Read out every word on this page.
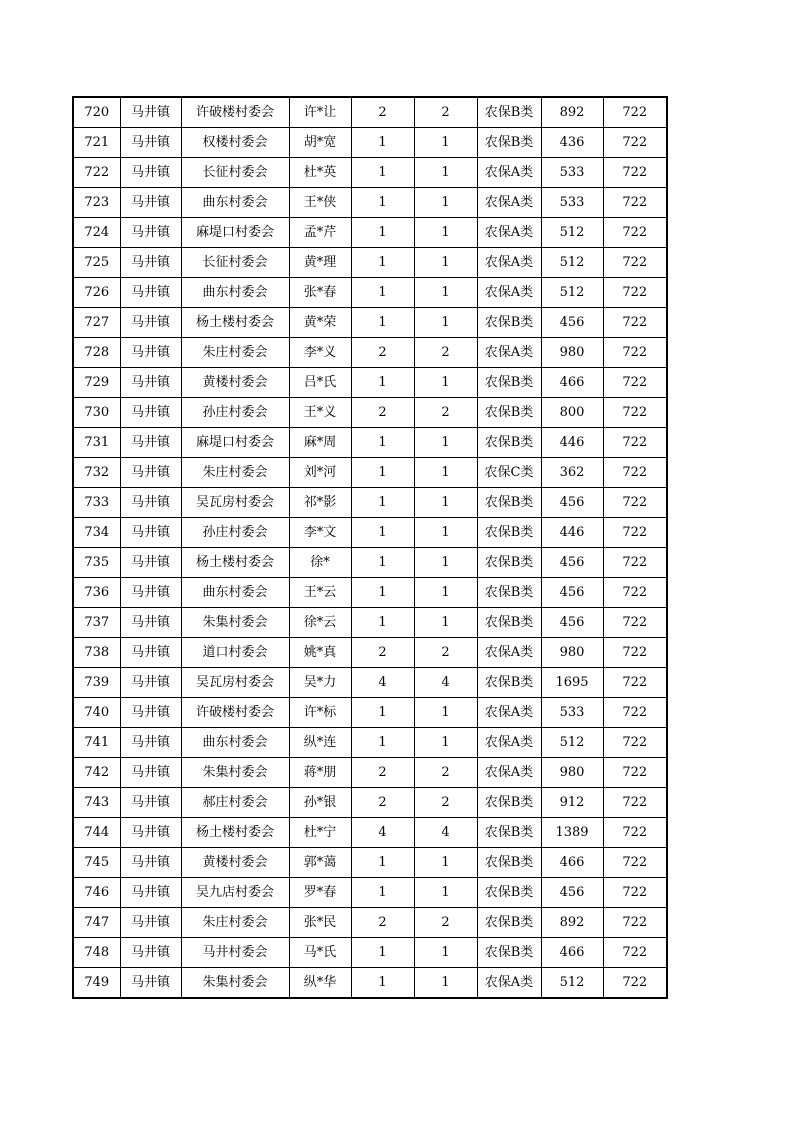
720	马井镇	许破楼村委会	许*让	2	2	农保B类	892	722
721	马井镇	权楼村委会	胡*宽	1	1	农保B类	436	722
722	马井镇	长征村委会	杜*英	1	1	农保A类	533	722
723	马井镇	曲东村委会	王*侠	1	1	农保A类	533	722
724	马井镇	麻堤口村委会	孟*芹	1	1	农保A类	512	722
725	马井镇	长征村委会	黄*理	1	1	农保A类	512	722
726	马井镇	曲东村委会	张*春	1	1	农保A类	512	722
727	马井镇	杨土楼村委会	黄*荣	1	1	农保B类	456	722
728	马井镇	朱庄村委会	李*义	2	2	农保A类	980	722
729	马井镇	黄楼村委会	吕*氏	1	1	农保B类	466	722
730	马井镇	孙庄村委会	王*义	2	2	农保B类	800	722
731	马井镇	麻堤口村委会	麻*周	1	1	农保B类	446	722
732	马井镇	朱庄村委会	刘*河	1	1	农保C类	362	722
733	马井镇	吴瓦房村委会	祁*影	1	1	农保B类	456	722
734	马井镇	孙庄村委会	李*文	1	1	农保B类	446	722
735	马井镇	杨土楼村委会	徐*	1	1	农保B类	456	722
736	马井镇	曲东村委会	王*云	1	1	农保B类	456	722
737	马井镇	朱集村委会	徐*云	1	1	农保B类	456	722
738	马井镇	道口村委会	姚*真	2	2	农保A类	980	722
739	马井镇	吴瓦房村委会	吴*力	4	4	农保B类	1695	722
740	马井镇	许破楼村委会	许*标	1	1	农保A类	533	722
741	马井镇	曲东村委会	纵*连	1	1	农保A类	512	722
742	马井镇	朱集村委会	蒋*朋	2	2	农保A类	980	722
743	马井镇	郝庄村委会	孙*银	2	2	农保B类	912	722
744	马井镇	杨土楼村委会	杜*宁	4	4	农保B类	1389	722
745	马井镇	黄楼村委会	郭*蔼	1	1	农保B类	466	722
746	马井镇	吴九店村委会	罗*春	1	1	农保B类	456	722
747	马井镇	朱庄村委会	张*民	2	2	农保B类	892	722
748	马井镇	马井村委会	马*氏	1	1	农保B类	466	722
749	马井镇	朱集村委会	纵*华	1	1	农保A类	512	722
